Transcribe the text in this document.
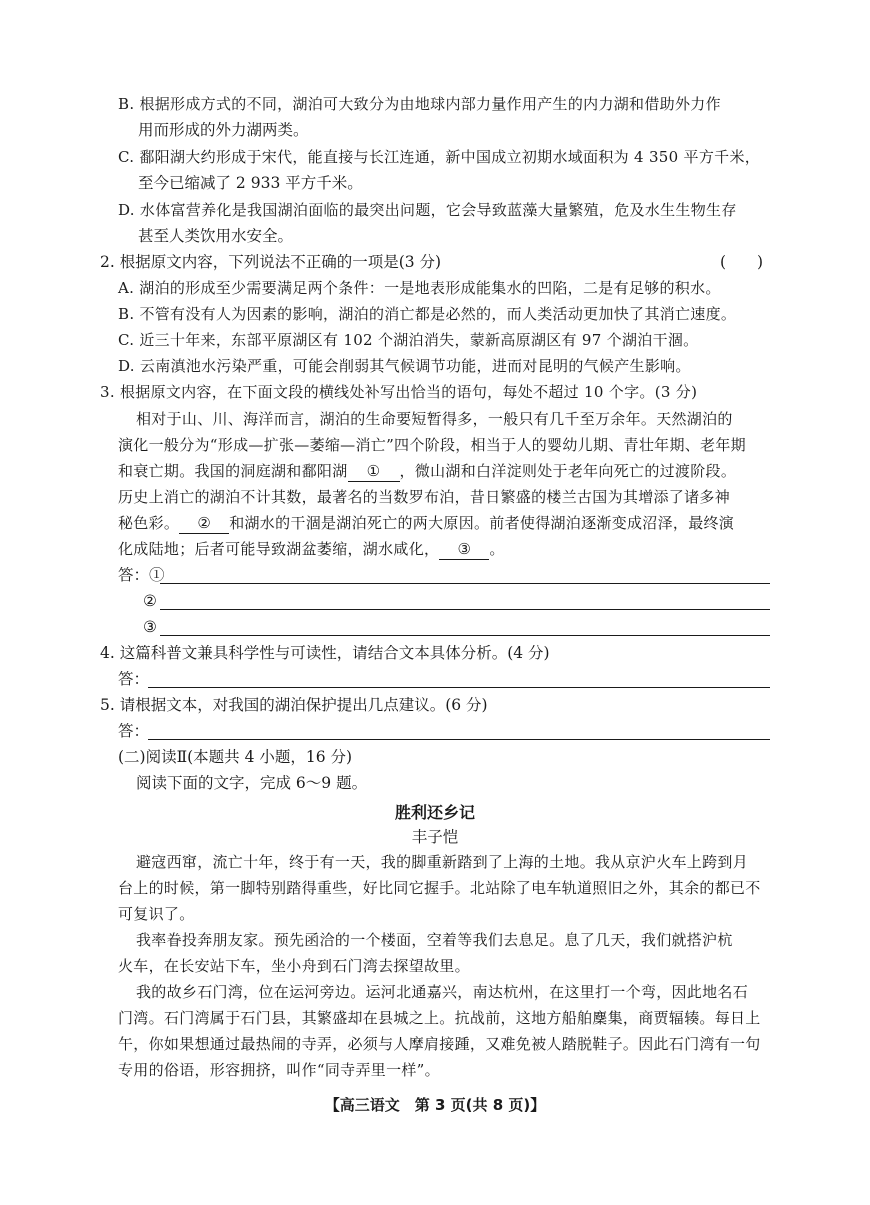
B. 根据形成方式的不同，湖泊可大致分为由地球内部力量作用产生的内力湖和借助外力作
用而形成的外力湖两类。
C. 鄱阳湖大约形成于宋代，能直接与长江连通，新中国成立初期水域面积为 4 350 平方千米，
至今已缩减了 2 933 平方千米。
D. 水体富营养化是我国湖泊面临的最突出问题，它会导致蓝藻大量繁殖，危及水生生物生存
甚至人类饮用水安全。
2. 根据原文内容，下列说法不正确的一项是(3 分)	(　　)
A. 湖泊的形成至少需要满足两个条件：一是地表形成能集水的凹陷，二是有足够的积水。
B. 不管有没有人为因素的影响，湖泊的消亡都是必然的，而人类活动更加快了其消亡速度。
C. 近三十年来，东部平原湖区有 102 个湖泊消失，蒙新高原湖区有 97 个湖泊干涸。
D. 云南滇池水污染严重，可能会削弱其气候调节功能，进而对昆明的气候产生影响。
3. 根据原文内容，在下面文段的横线处补写出恰当的语句，每处不超过 10 个字。(3 分)
相对于山、川、海洋而言，湖泊的生命要短暂得多，一般只有几千至万余年。天然湖泊的
演化一般分为“形成—扩张—萎缩—消亡”四个阶段，相当于人的婴幼儿期、青壮年期、老年期
和衰亡期。我国的洞庭湖和鄱阳湖 ① ，微山湖和白洋淀则处于老年向死亡的过渡阶段。
历史上消亡的湖泊不计其数，最著名的当数罗布泊，昔日繁盛的楼兰古国为其增添了诸多神
秘色彩。 ② 和湖水的干涸是湖泊死亡的两大原因。前者使得湖泊逐渐变成沼泽，最终演
化成陆地；后者可能导致湖盆萎缩，湖水咸化， ③ 。
答：①
②
③
4. 这篇科普文兼具科学性与可读性，请结合文本具体分析。(4 分)
答：
5. 请根据文本，对我国的湖泊保护提出几点建议。(6 分)
答：
(二)阅读Ⅱ(本题共 4 小题，16 分)
阅读下面的文字，完成 6～9 题。
胜利还乡记
丰子恺
避寇西窜，流亡十年，终于有一天，我的脚重新踏到了上海的土地。我从京沪火车上跨到月
台上的时候，第一脚特别踏得重些，好比同它握手。北站除了电车轨道照旧之外，其余的都已不
可复识了。
我率眷投奔朋友家。预先函洽的一个楼面，空着等我们去息足。息了几天，我们就搭沪杭
火车，在长安站下车，坐小舟到石门湾去探望故里。
我的故乡石门湾，位在运河旁边。运河北通嘉兴，南达杭州，在这里打一个弯，因此地名石
门湾。石门湾属于石门县，其繁盛却在县城之上。抗战前，这地方船舶麇集，商贾辐辏。每日上
午，你如果想通过最热闹的寺弄，必须与人摩肩接踵，又难免被人踏脱鞋子。因此石门湾有一句
专用的俗语，形容拥挤，叫作“同寺弄里一样”。
【高三语文　第 3 页(共 8 页)】
